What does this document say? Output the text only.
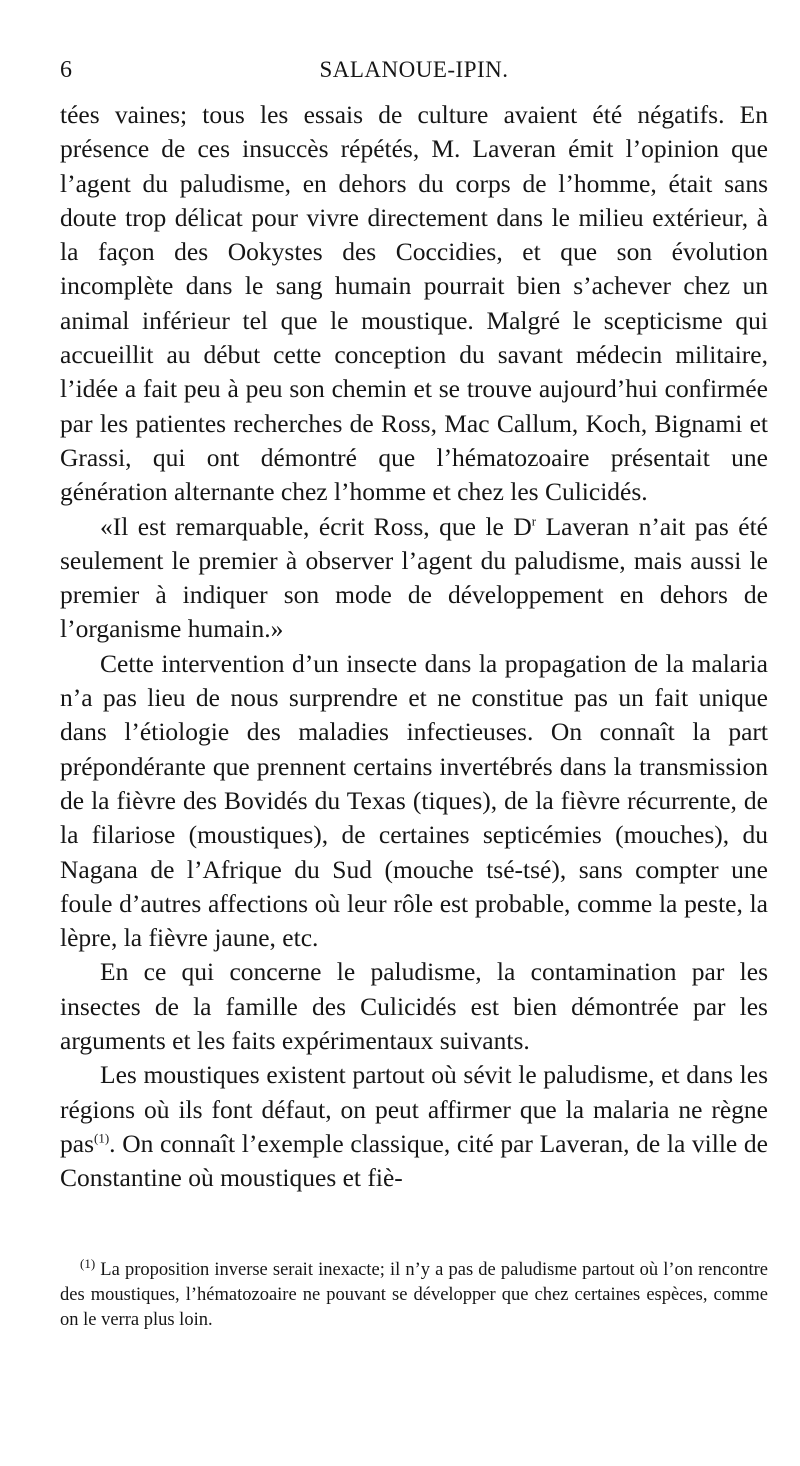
6	SALANOUE-IPIN.

tées vaines; tous les essais de culture avaient été négatifs. En présence de ces insuccès répétés, M. Laveran émit l’opinion que l’agent du paludisme, en dehors du corps de l’homme, était sans doute trop délicat pour vivre directement dans le milieu extérieur, à la façon des Ookystes des Coccidies, et que son évolution incomplète dans le sang humain pourrait bien s’achever chez un animal inférieur tel que le moustique. Malgré le scepticisme qui accueillit au début cette conception du savant médecin militaire, l’idée a fait peu à peu son chemin et se trouve aujourd’hui confirmée par les patientes recherches de Ross, Mac Callum, Koch, Bignami et Grassi, qui ont démontré que l’hématozoaire présentait une génération alternante chez l’homme et chez les Culicidés.

«Il est remarquable, écrit Ross, que le $D^r$ Laveran n’ait pas été seulement le premier à observer l’agent du paludisme, mais aussi le premier à indiquer son mode de développement en dehors de l’organisme humain.»

Cette intervention d’un insecte dans la propagation de la malaria n’a pas lieu de nous surprendre et ne constitue pas un fait unique dans l’étiologie des maladies infectieuses. On connaît la part prépondérante que prennent certains invertébrés dans la transmission de la fièvre des Bovidés du Texas (tiques), de la fièvre récurrente, de la filariose (moustiques), de certaines septicémies (mouches), du Nagana de l’Afrique du Sud (mouche tsé-tsé), sans compter une foule d’autres affections où leur rôle est probable, comme la peste, la lèpre, la fièvre jaune, etc.

En ce qui concerne le paludisme, la contamination par les insectes de la famille des Culicidés est bien démontrée par les arguments et les faits expérimentaux suivants.

Les moustiques existent partout où sévit le paludisme, et dans les régions où ils font défaut, on peut affirmer que la malaria ne règne pas$^{(1)}$. On connaît l’exemple classique, cité par Laveran, de la ville de Constantine où moustiques et fiè-

$^{(1)}$ La proposition inverse serait inexacte; il n’y a pas de paludisme partout où l’on rencontre des moustiques, l’hématozoaire ne pouvant se développer que chez certaines espèces, comme on le verra plus loin.
